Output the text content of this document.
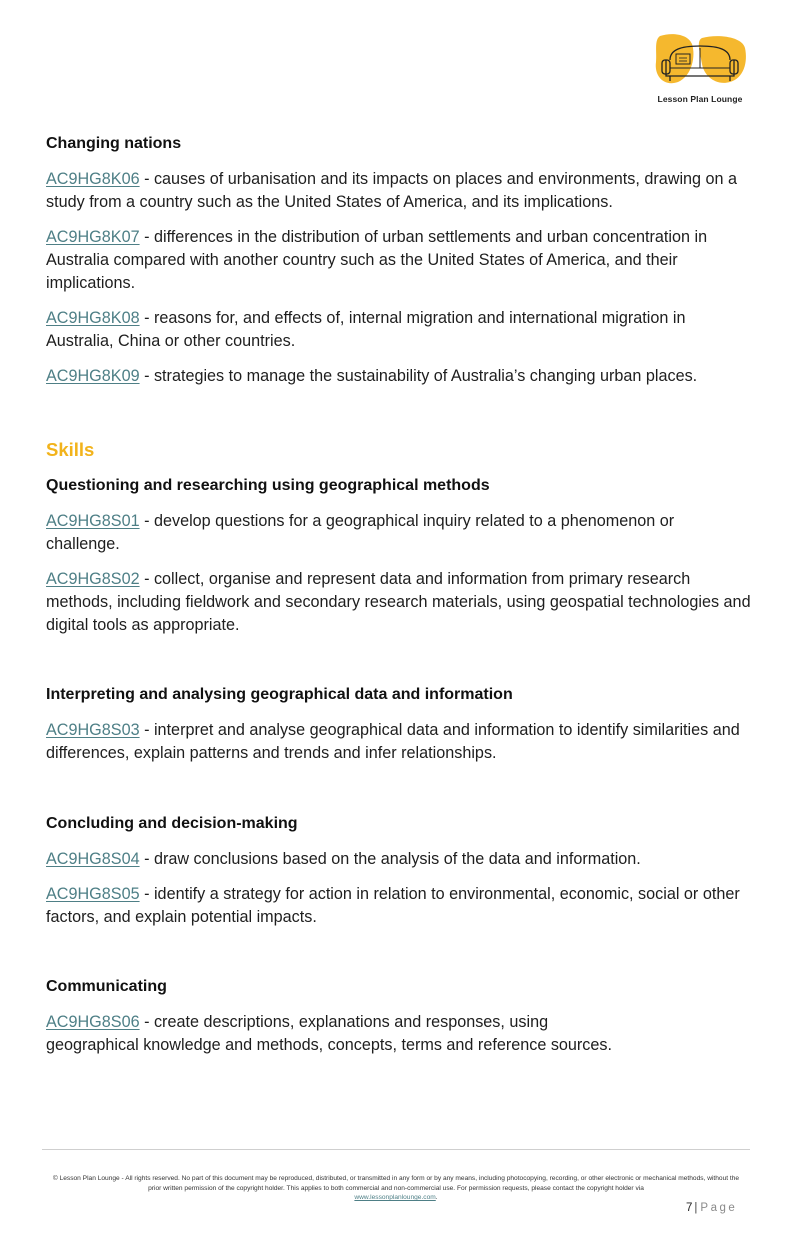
Lesson Plan Lounge
Changing nations
AC9HG8K06 - causes of urbanisation and its impacts on places and environments, drawing on a study from a country such as the United States of America, and its implications.
AC9HG8K07 - differences in the distribution of urban settlements and urban concentration in Australia compared with another country such as the United States of America, and their implications.
AC9HG8K08 - reasons for, and effects of, internal migration and international migration in Australia, China or other countries.
AC9HG8K09 - strategies to manage the sustainability of Australia’s changing urban places.
Skills
Questioning and researching using geographical methods
AC9HG8S01 - develop questions for a geographical inquiry related to a phenomenon or challenge.
AC9HG8S02 - collect, organise and represent data and information from primary research methods, including fieldwork and secondary research materials, using geospatial technologies and digital tools as appropriate.
Interpreting and analysing geographical data and information
AC9HG8S03 - interpret and analyse geographical data and information to identify similarities and differences, explain patterns and trends and infer relationships.
Concluding and decision-making
AC9HG8S04 - draw conclusions based on the analysis of the data and information.
AC9HG8S05 - identify a strategy for action in relation to environmental, economic, social or other factors, and explain potential impacts.
Communicating
AC9HG8S06 - create descriptions, explanations and responses, using
geographical knowledge and methods, concepts, terms and reference sources.
© Lesson Plan Lounge - All rights reserved. No part of this document may be reproduced, distributed, or transmitted in any form or by any means, including photocopying, recording, or other electronic or mechanical methods, without the prior written permission of the copyright holder. This applies to both commercial and non-commercial use. For permission requests, please contact the copyright holder via
www.lessonplanlounge.com.
7 | Page
